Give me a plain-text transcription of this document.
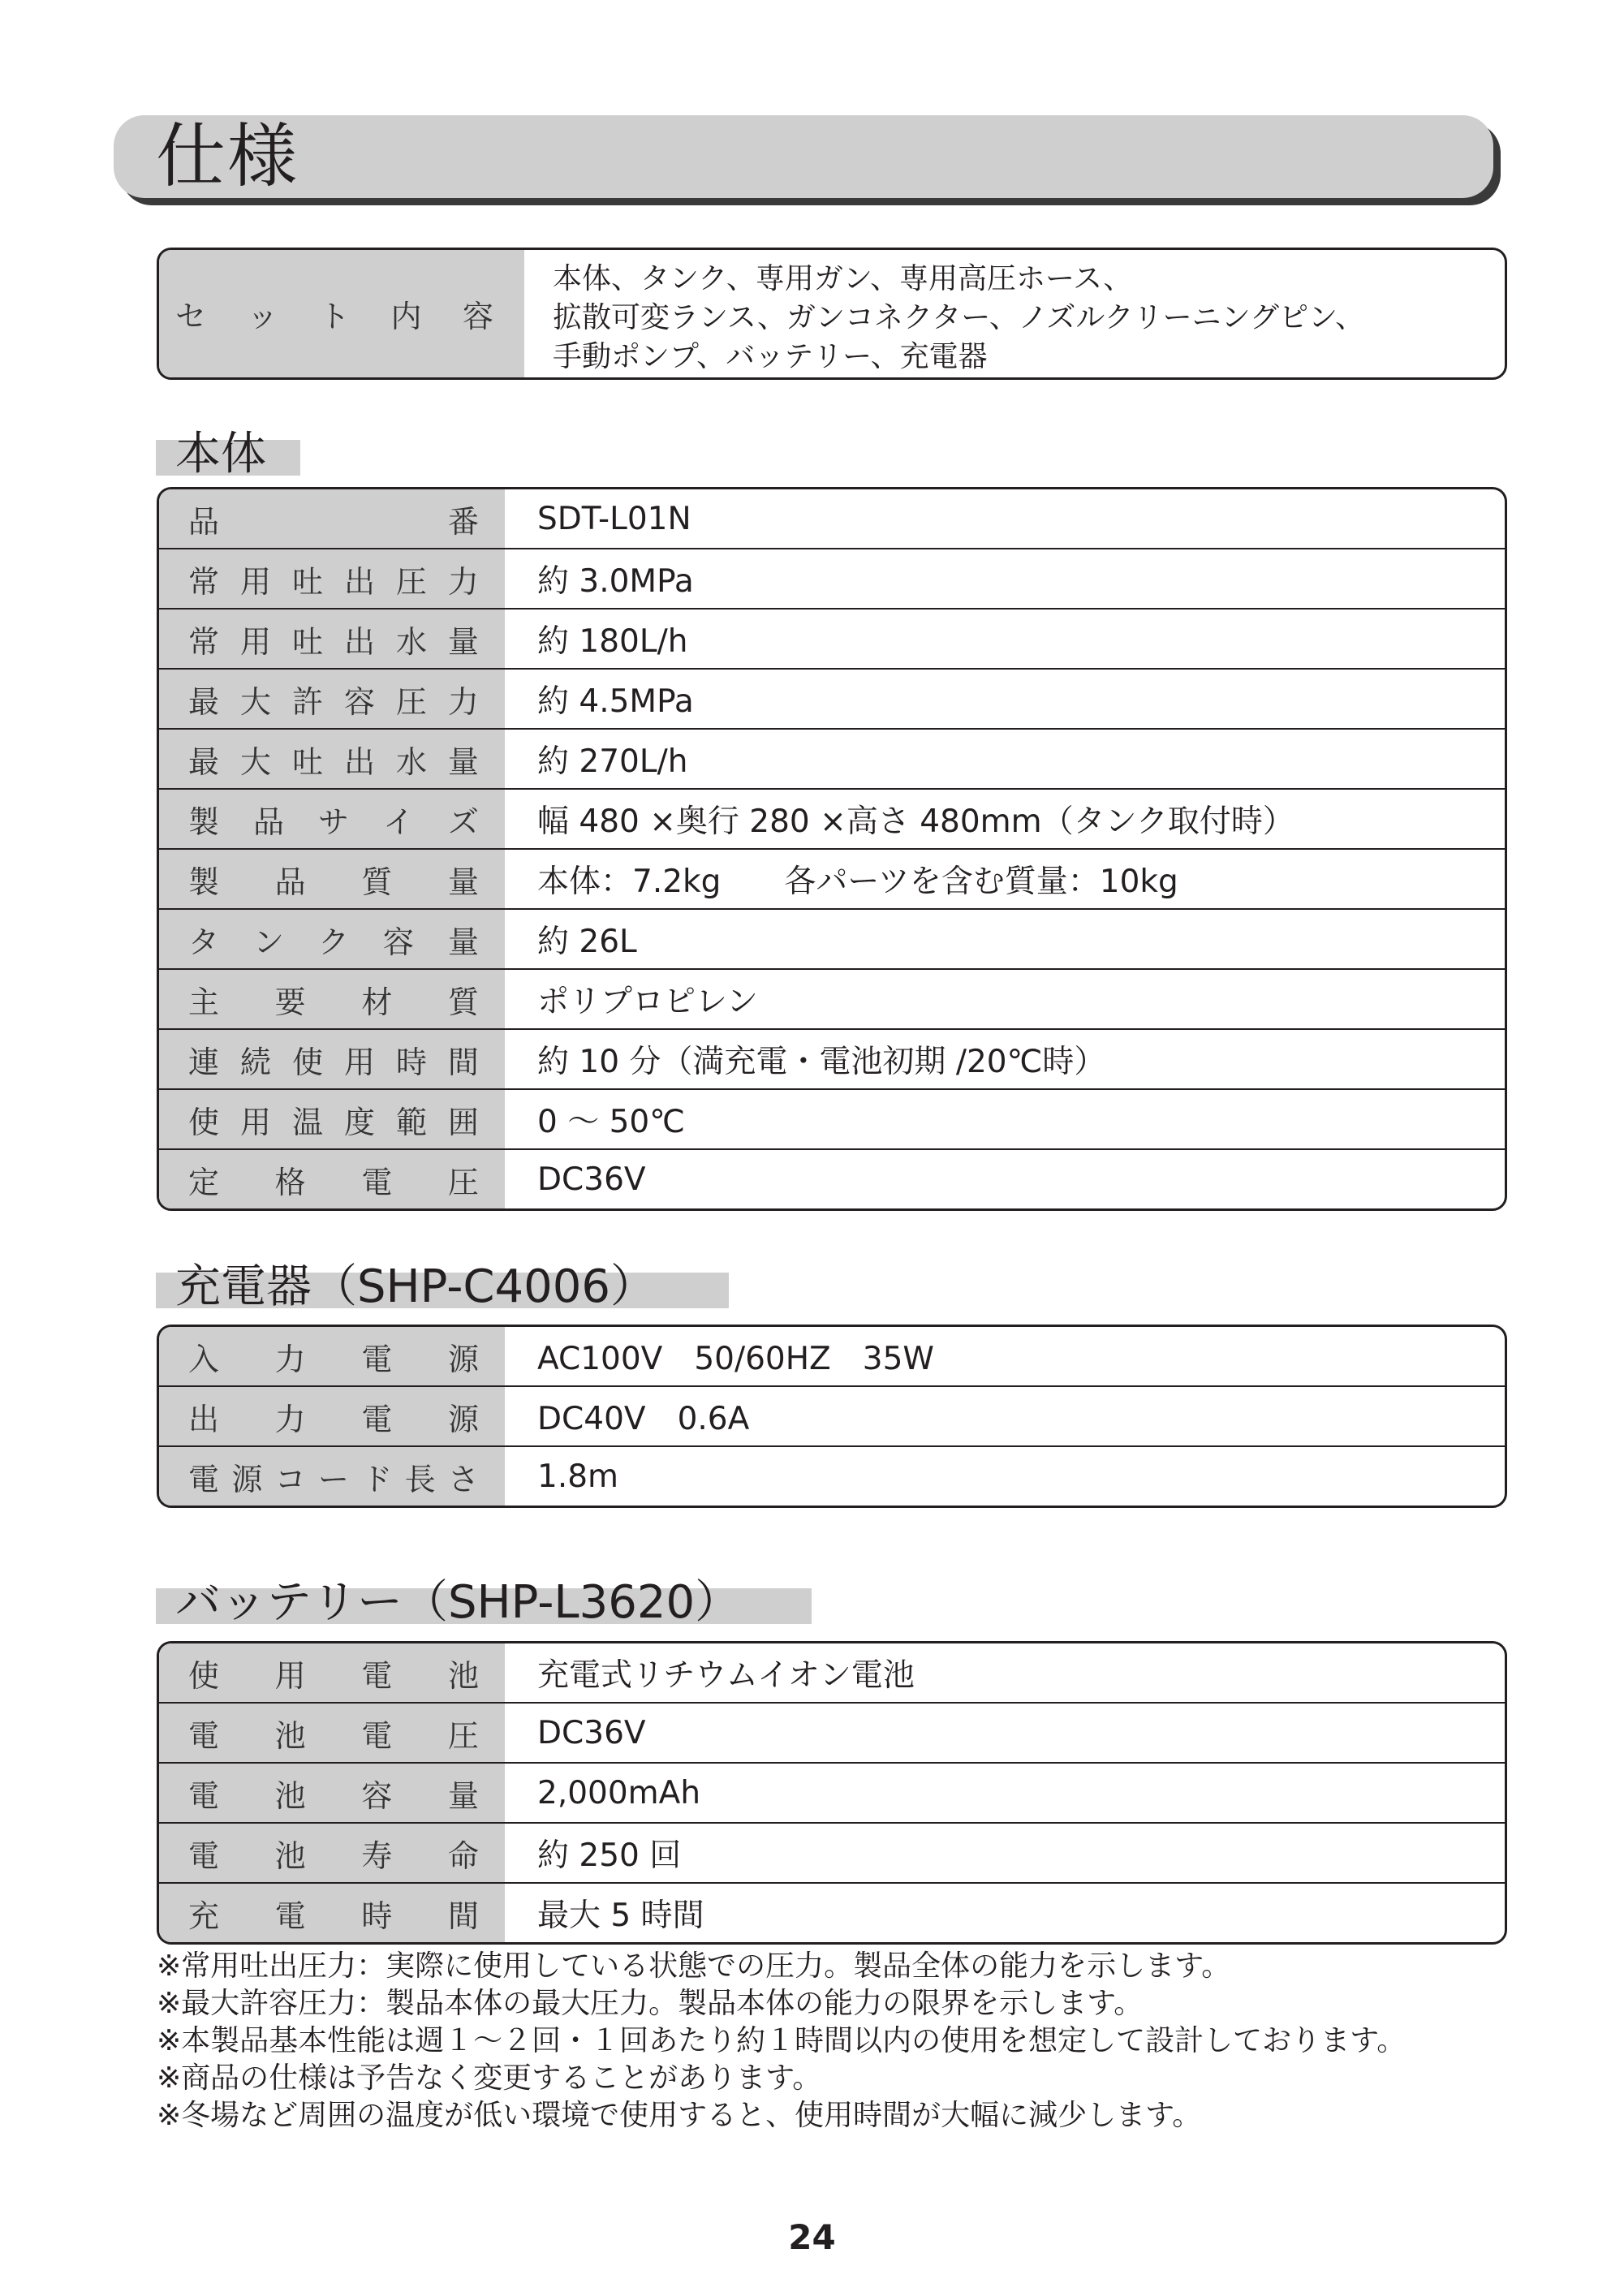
仕様
セ ッ ト 内 容
本体、タンク、専用ガン、専用高圧ホース、
拡散可変ランス、ガンコネクター、ノズルクリーニングピン、
手動ポンプ、バッテリー、充電器
本体
品	番	SDT-L01N
常 用 吐 出 圧 力	約 3.0MPa
常 用 吐 出 水 量	約 180L/h
最 大 許 容 圧 力	約 4.5MPa
最 大 吐 出 水 量	約 270L/h
製 品 サ イ ズ	幅 480 ×奥行 280 ×高さ 480mm（タンク取付時）
製 品 質 量	本体：7.2kg　　各パーツを含む質量：10kg
タ ン ク 容 量	約 26L
主 要 材 質	ポリプロピレン
連 続 使 用 時 間	約 10 分（満充電・電池初期 /20℃時）
使 用 温 度 範 囲	0 ～ 50℃
定 格 電 圧	DC36V
充電器（SHP-C4006）
入 力 電 源	AC100V　50/60HZ　35W
出 力 電 源	DC40V　0.6A
電 源 コ ー ド 長 さ	1.8m
バッテリー（SHP-L3620）
使 用 電 池	充電式リチウムイオン電池
電 池 電 圧	DC36V
電 池 容 量	2,000mAh
電 池 寿 命	約 250 回
充 電 時 間	最大 5 時間
※常用吐出圧力：実際に使用している状態での圧力。製品全体の能力を示します。
※最大許容圧力：製品本体の最大圧力。製品本体の能力の限界を示します。
※本製品基本性能は週１～２回・１回あたり約１時間以内の使用を想定して設計しております。
※商品の仕様は予告なく変更することがあります。
※冬場など周囲の温度が低い環境で使用すると、使用時間が大幅に減少します。
24
